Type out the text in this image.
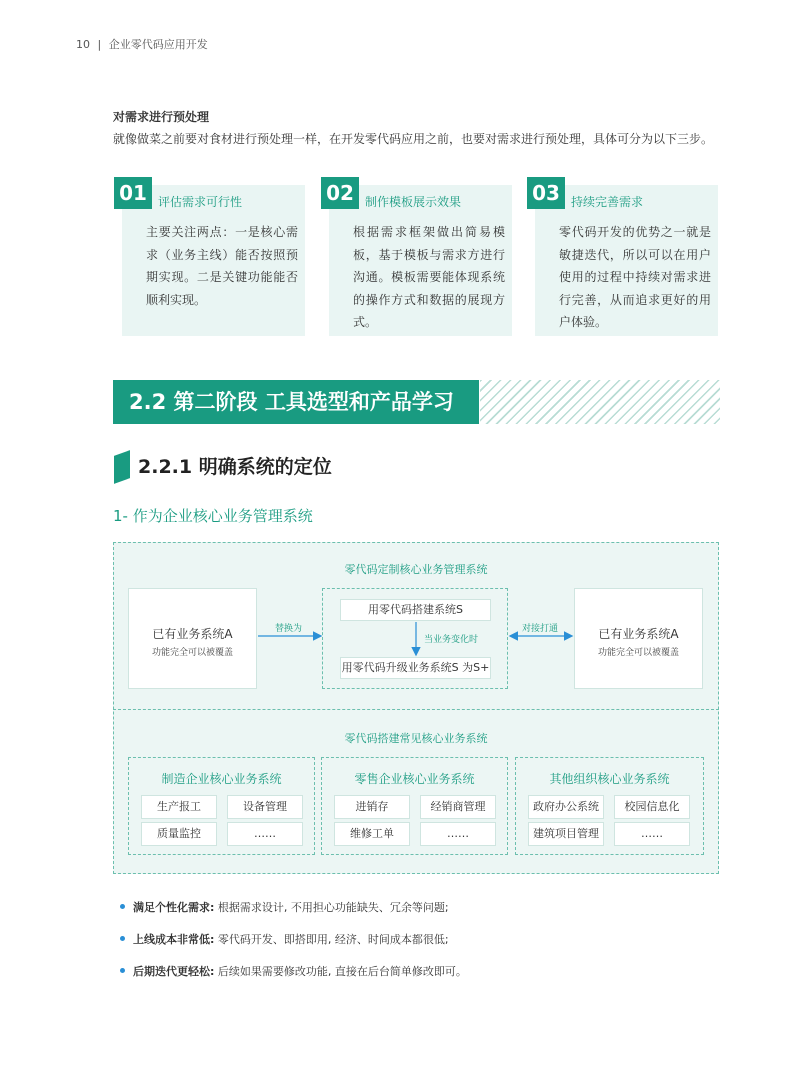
10 | 企业零代码应用开发
对需求进行预处理
就像做菜之前要对食材进行预处理一样，在开发零代码应用之前，也要对需求进行预处理，具体可分为以下三步。
01 评估需求可行性
主要关注两点：一是核心需求（业务主线）能否按照预期实现。二是关键功能能否顺利实现。
02 制作模板展示效果
根据需求框架做出简易模板，基于模板与需求方进行沟通。模板需要能体现系统的操作方式和数据的展现方式。
03 持续完善需求
零代码开发的优势之一就是敏捷迭代，所以可以在用户使用的过程中持续对需求进行完善，从而追求更好的用户体验。
2.2 第二阶段 工具选型和产品学习
2.2.1 明确系统的定位
1- 作为企业核心业务管理系统
零代码定制核心业务管理系统
已有业务系统A
功能完全可以被覆盖
已有业务系统A
功能完全可以被覆盖
用零代码搭建系统S
用零代码升级业务系统S 为S+
当业务变化时
替换为	对接打通
零代码搭建常见核心业务系统
制造企业核心业务系统
生产报工	设备管理
质量监控	……
零售企业核心业务系统
进销存	经销商管理
维修工单	……
其他组织核心业务系统
政府办公系统	校园信息化
建筑项目管理	……
满足个性化需求: 根据需求设计, 不用担心功能缺失、冗余等问题;
上线成本非常低: 零代码开发、即搭即用, 经济、时间成本都很低;
后期迭代更轻松: 后续如果需要修改功能, 直接在后台简单修改即可。
